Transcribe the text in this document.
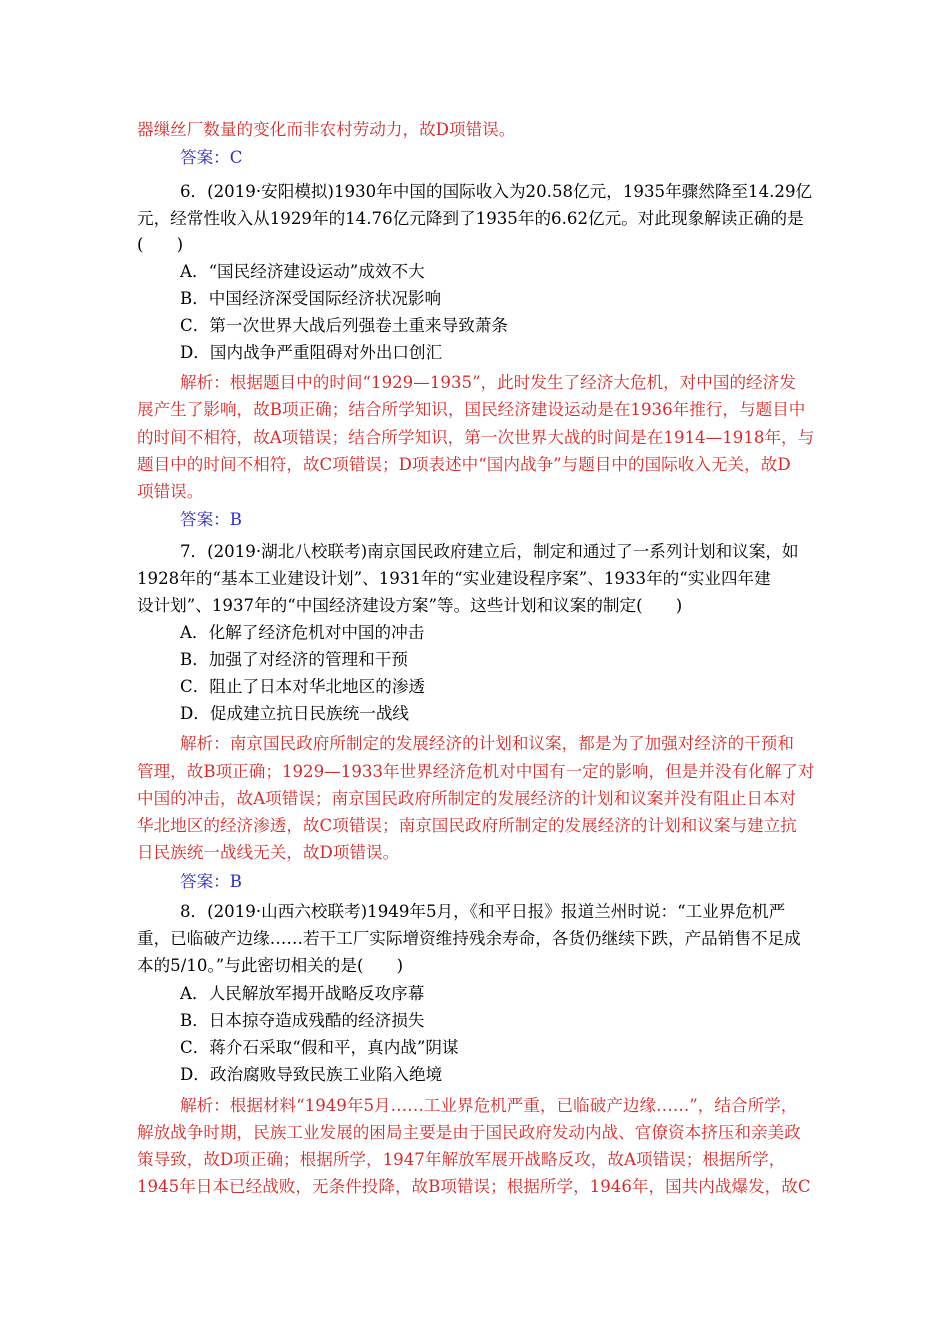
器缫丝厂数量的变化而非农村劳动力，故D项错误。
答案：C
6．(2019·安阳模拟)1930年中国的国际收入为20.58亿元，1935年骤然降至14.29亿
元，经常性收入从1929年的14.76亿元降到了1935年的6.62亿元。对此现象解读正确的是
(　　)
A．“国民经济建设运动”成效不大
B．中国经济深受国际经济状况影响
C．第一次世界大战后列强卷土重来导致萧条
D．国内战争严重阻碍对外出口创汇
解析：根据题目中的时间“1929—1935”，此时发生了经济大危机，对中国的经济发
展产生了影响，故B项正确；结合所学知识，国民经济建设运动是在1936年推行，与题目中
的时间不相符，故A项错误；结合所学知识，第一次世界大战的时间是在1914—1918年，与
题目中的时间不相符，故C项错误；D项表述中“国内战争”与题目中的国际收入无关，故D
项错误。
答案：B
7．(2019·湖北八校联考)南京国民政府建立后，制定和通过了一系列计划和议案，如
1928年的“基本工业建设计划”、1931年的“实业建设程序案”、1933年的“实业四年建
设计划”、1937年的“中国经济建设方案”等。这些计划和议案的制定(　　)
A．化解了经济危机对中国的冲击
B．加强了对经济的管理和干预
C．阻止了日本对华北地区的渗透
D．促成建立抗日民族统一战线
解析：南京国民政府所制定的发展经济的计划和议案，都是为了加强对经济的干预和
管理，故B项正确；1929—1933年世界经济危机对中国有一定的影响，但是并没有化解了对
中国的冲击，故A项错误；南京国民政府所制定的发展经济的计划和议案并没有阻止日本对
华北地区的经济渗透，故C项错误；南京国民政府所制定的发展经济的计划和议案与建立抗
日民族统一战线无关，故D项错误。
答案：B
8．(2019·山西六校联考)1949年5月，《和平日报》报道兰州时说：“工业界危机严
重，已临破产边缘……若干工厂实际增资维持残余寿命，各货仍继续下跌，产品销售不足成
本的5/10。”与此密切相关的是(　　)
A．人民解放军揭开战略反攻序幕
B．日本掠夺造成残酷的经济损失
C．蒋介石采取“假和平，真内战”阴谋
D．政治腐败导致民族工业陷入绝境
解析：根据材料“1949年5月……工业界危机严重，已临破产边缘……”，结合所学，
解放战争时期，民族工业发展的困局主要是由于国民政府发动内战、官僚资本挤压和亲美政
策导致，故D项正确；根据所学，1947年解放军展开战略反攻，故A项错误；根据所学，
1945年日本已经战败，无条件投降，故B项错误；根据所学，1946年，国共内战爆发，故C
